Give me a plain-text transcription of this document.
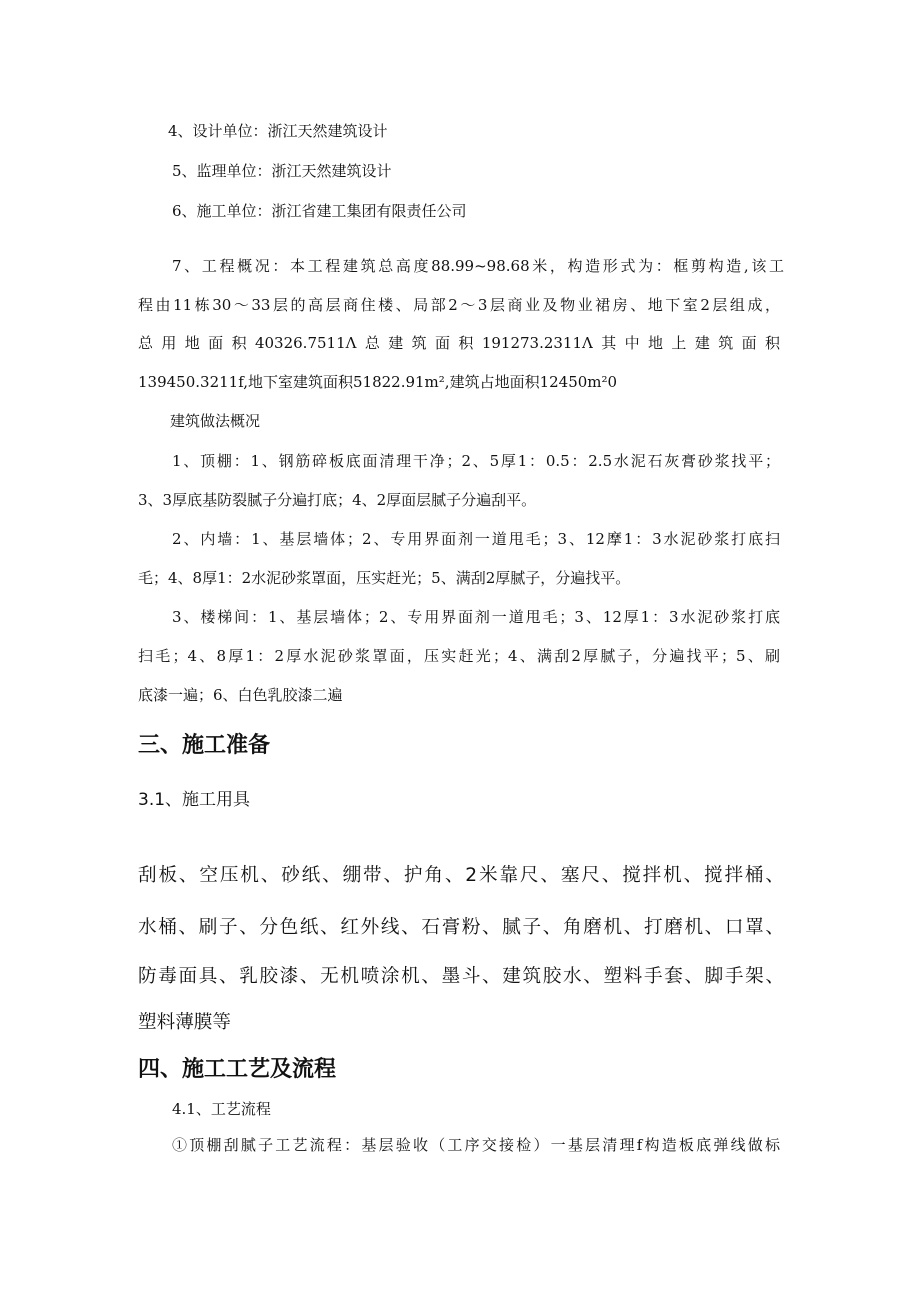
4、设计单位：浙江天然建筑设计
5、监理单位：浙江天然建筑设计
6、施工单位：浙江省建工集团有限责任公司
7、工程概况：本工程建筑总高度88.99~98.68米，构造形式为：框剪构造,该工
程由11栋30～33层的高层商住楼、局部2～3层商业及物业裙房、地下室2层组成，
总用地面积40326.7511Λ总建筑面积191273.2311Λ其中地上建筑面积
139450.3211f,地下室建筑面积51822.91m²,建筑占地面积12450m²0
建筑做法概况
1、顶棚：1、钢筋碎板底面清理干净；2、5厚1：0.5：2.5水泥石灰膏砂浆找平；
3、3厚底基防裂腻子分遍打底；4、2厚面层腻子分遍刮平。
2、内墙：1、基层墙体；2、专用界面剂一道甩毛；3、12摩1：3水泥砂浆打底扫
毛；4、8厚1：2水泥砂浆罩面，压实赶光；5、满刮2厚腻子，分遍找平。
3、楼梯间：1、基层墙体；2、专用界面剂一道甩毛；3、12厚1：3水泥砂浆打底
扫毛；4、8厚1：2厚水泥砂浆罩面，压实赶光；4、满刮2厚腻子，分遍找平；5、刷
底漆一遍；6、白色乳胶漆二遍
三、施工准备
3.1、施工用具
刮板、空压机、砂纸、绷带、护角、2米靠尺、塞尺、搅拌机、搅拌桶、
水桶、刷子、分色纸、红外线、石膏粉、腻子、角磨机、打磨机、口罩、
防毒面具、乳胶漆、无机喷涂机、墨斗、建筑胶水、塑料手套、脚手架、
塑料薄膜等
四、施工工艺及流程
4.1、工艺流程
①顶棚刮腻子工艺流程：基层验收（工序交接检）一基层清理f构造板底弹线做标
